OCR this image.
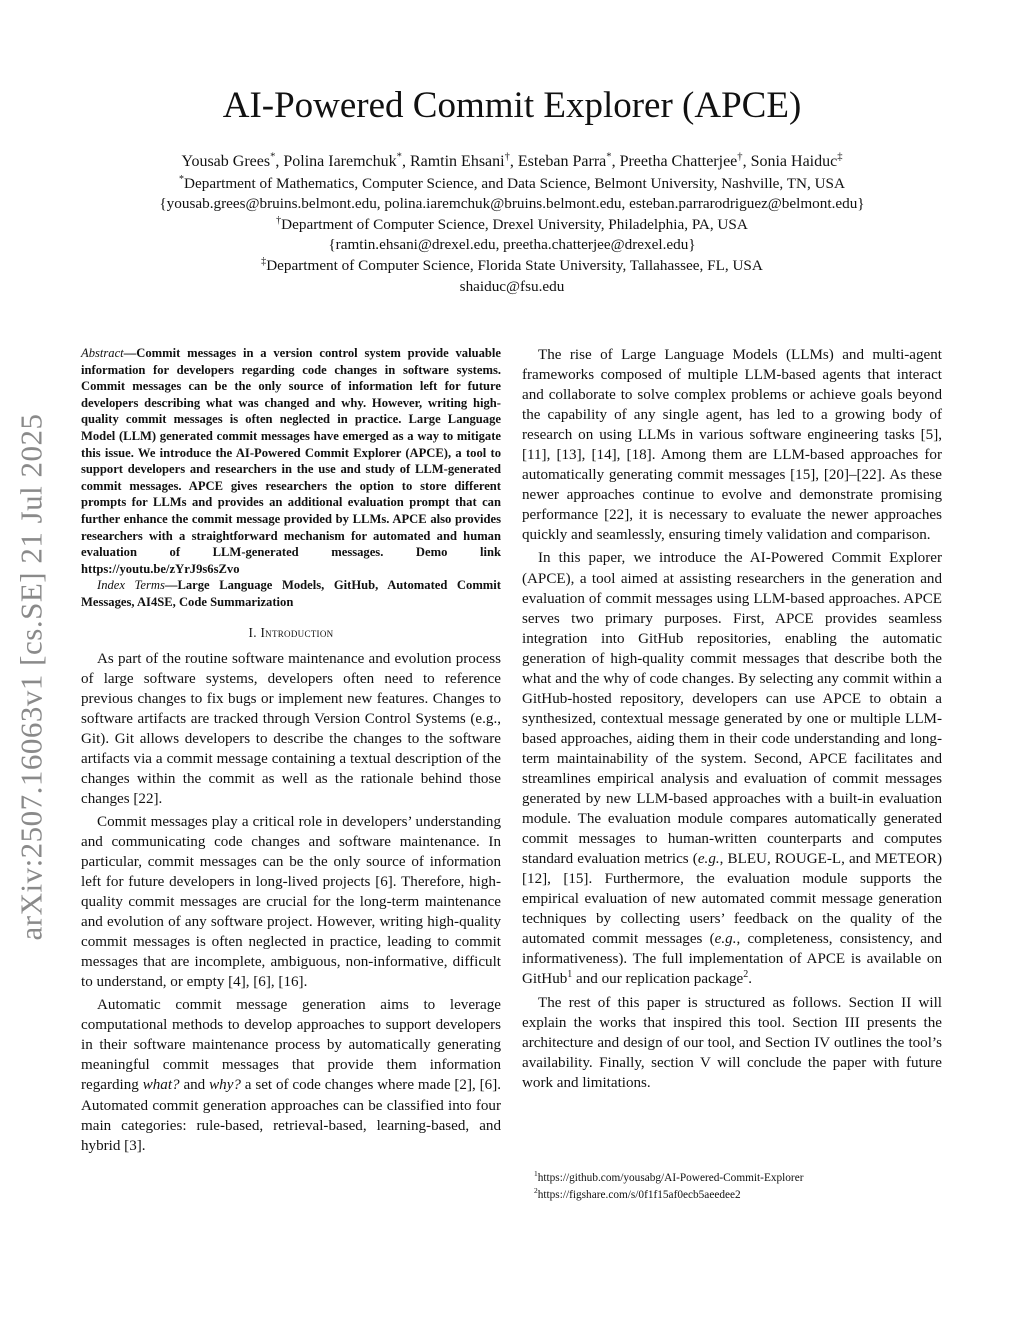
arXiv:2507.16063v1 [cs.SE] 21 Jul 2025
AI-Powered Commit Explorer (APCE)
Yousab Grees*, Polina Iaremchuk*, Ramtin Ehsani†, Esteban Parra*, Preetha Chatterjee†, Sonia Haiduc‡
*Department of Mathematics, Computer Science, and Data Science, Belmont University, Nashville, TN, USA
{yousab.grees@bruins.belmont.edu, polina.iaremchuk@bruins.belmont.edu, esteban.parrarodriguez@belmont.edu}
†Department of Computer Science, Drexel University, Philadelphia, PA, USA
{ramtin.ehsani@drexel.edu, preetha.chatterjee@drexel.edu}
‡Department of Computer Science, Florida State University, Tallahassee, FL, USA
shaiduc@fsu.edu

Abstract—Commit messages in a version control system provide valuable information for developers regarding code changes in software systems. Commit messages can be the only source of information left for future developers describing what was changed and why. However, writing high-quality commit messages is often neglected in practice. Large Language Model (LLM) generated commit messages have emerged as a way to mitigate this issue. We introduce the AI-Powered Commit Explorer (APCE), a tool to support developers and researchers in the use and study of LLM-generated commit messages. APCE gives researchers the option to store different prompts for LLMs and provides an additional evaluation prompt that can further enhance the commit message provided by LLMs. APCE also provides researchers with a straightforward mechanism for automated and human evaluation of LLM-generated messages. Demo link https://youtu.be/zYrJ9s6sZvo

Index Terms—Large Language Models, GitHub, Automated Commit Messages, AI4SE, Code Summarization

I. Introduction

As part of the routine software maintenance and evolution process of large software systems, developers often need to reference previous changes to fix bugs or implement new features. Changes to software artifacts are tracked through Version Control Systems (e.g., Git). Git allows developers to describe the changes to the software artifacts via a commit message containing a textual description of the changes within the commit as well as the rationale behind those changes [22].

Commit messages play a critical role in developers’ understanding and communicating code changes and software maintenance. In particular, commit messages can be the only source of information left for future developers in long-lived projects [6]. Therefore, high-quality commit messages are crucial for the long-term maintenance and evolution of any software project. However, writing high-quality commit messages is often neglected in practice, leading to commit messages that are incomplete, ambiguous, non-informative, difficult to understand, or empty [4], [6], [16].

Automatic commit message generation aims to leverage computational methods to develop approaches to support developers in their software maintenance process by automatically generating meaningful commit messages that provide them information regarding what? and why? a set of code changes where made [2], [6]. Automated commit generation approaches can be classified into four main categories: rule-based, retrieval-based, learning-based, and hybrid [3].

The rise of Large Language Models (LLMs) and multi-agent frameworks composed of multiple LLM-based agents that interact and collaborate to solve complex problems or achieve goals beyond the capability of any single agent, has led to a growing body of research on using LLMs in various software engineering tasks [5], [11], [13], [14], [18]. Among them are LLM-based approaches for automatically generating commit messages [15], [20]–[22]. As these newer approaches continue to evolve and demonstrate promising performance [22], it is necessary to evaluate the newer approaches quickly and seamlessly, ensuring timely validation and comparison.

In this paper, we introduce the AI-Powered Commit Explorer (APCE), a tool aimed at assisting researchers in the generation and evaluation of commit messages using LLM-based approaches. APCE serves two primary purposes. First, APCE provides seamless integration into GitHub repositories, enabling the automatic generation of high-quality commit messages that describe both the what and the why of code changes. By selecting any commit within a GitHub-hosted repository, developers can use APCE to obtain a synthesized, contextual message generated by one or multiple LLM-based approaches, aiding them in their code understanding and long-term maintainability of the system. Second, APCE facilitates and streamlines empirical analysis and evaluation of commit messages generated by new LLM-based approaches with a built-in evaluation module. The evaluation module compares automatically generated commit messages to human-written counterparts and computes standard evaluation metrics (e.g., BLEU, ROUGE-L, and METEOR) [12], [15]. Furthermore, the evaluation module supports the empirical evaluation of new automated commit message generation techniques by collecting users’ feedback on the quality of the automated commit messages (e.g., completeness, consistency, and informativeness). The full implementation of APCE is available on GitHub$^1$ and our replication package$^2$.

The rest of this paper is structured as follows. Section II will explain the works that inspired this tool. Section III presents the architecture and design of our tool, and Section IV outlines the tool’s availability. Finally, section V will conclude the paper with future work and limitations.

$^1$https://github.com/yousabg/AI-Powered-Commit-Explorer
$^2$https://figshare.com/s/0f1f15af0ecb5aeedee2
